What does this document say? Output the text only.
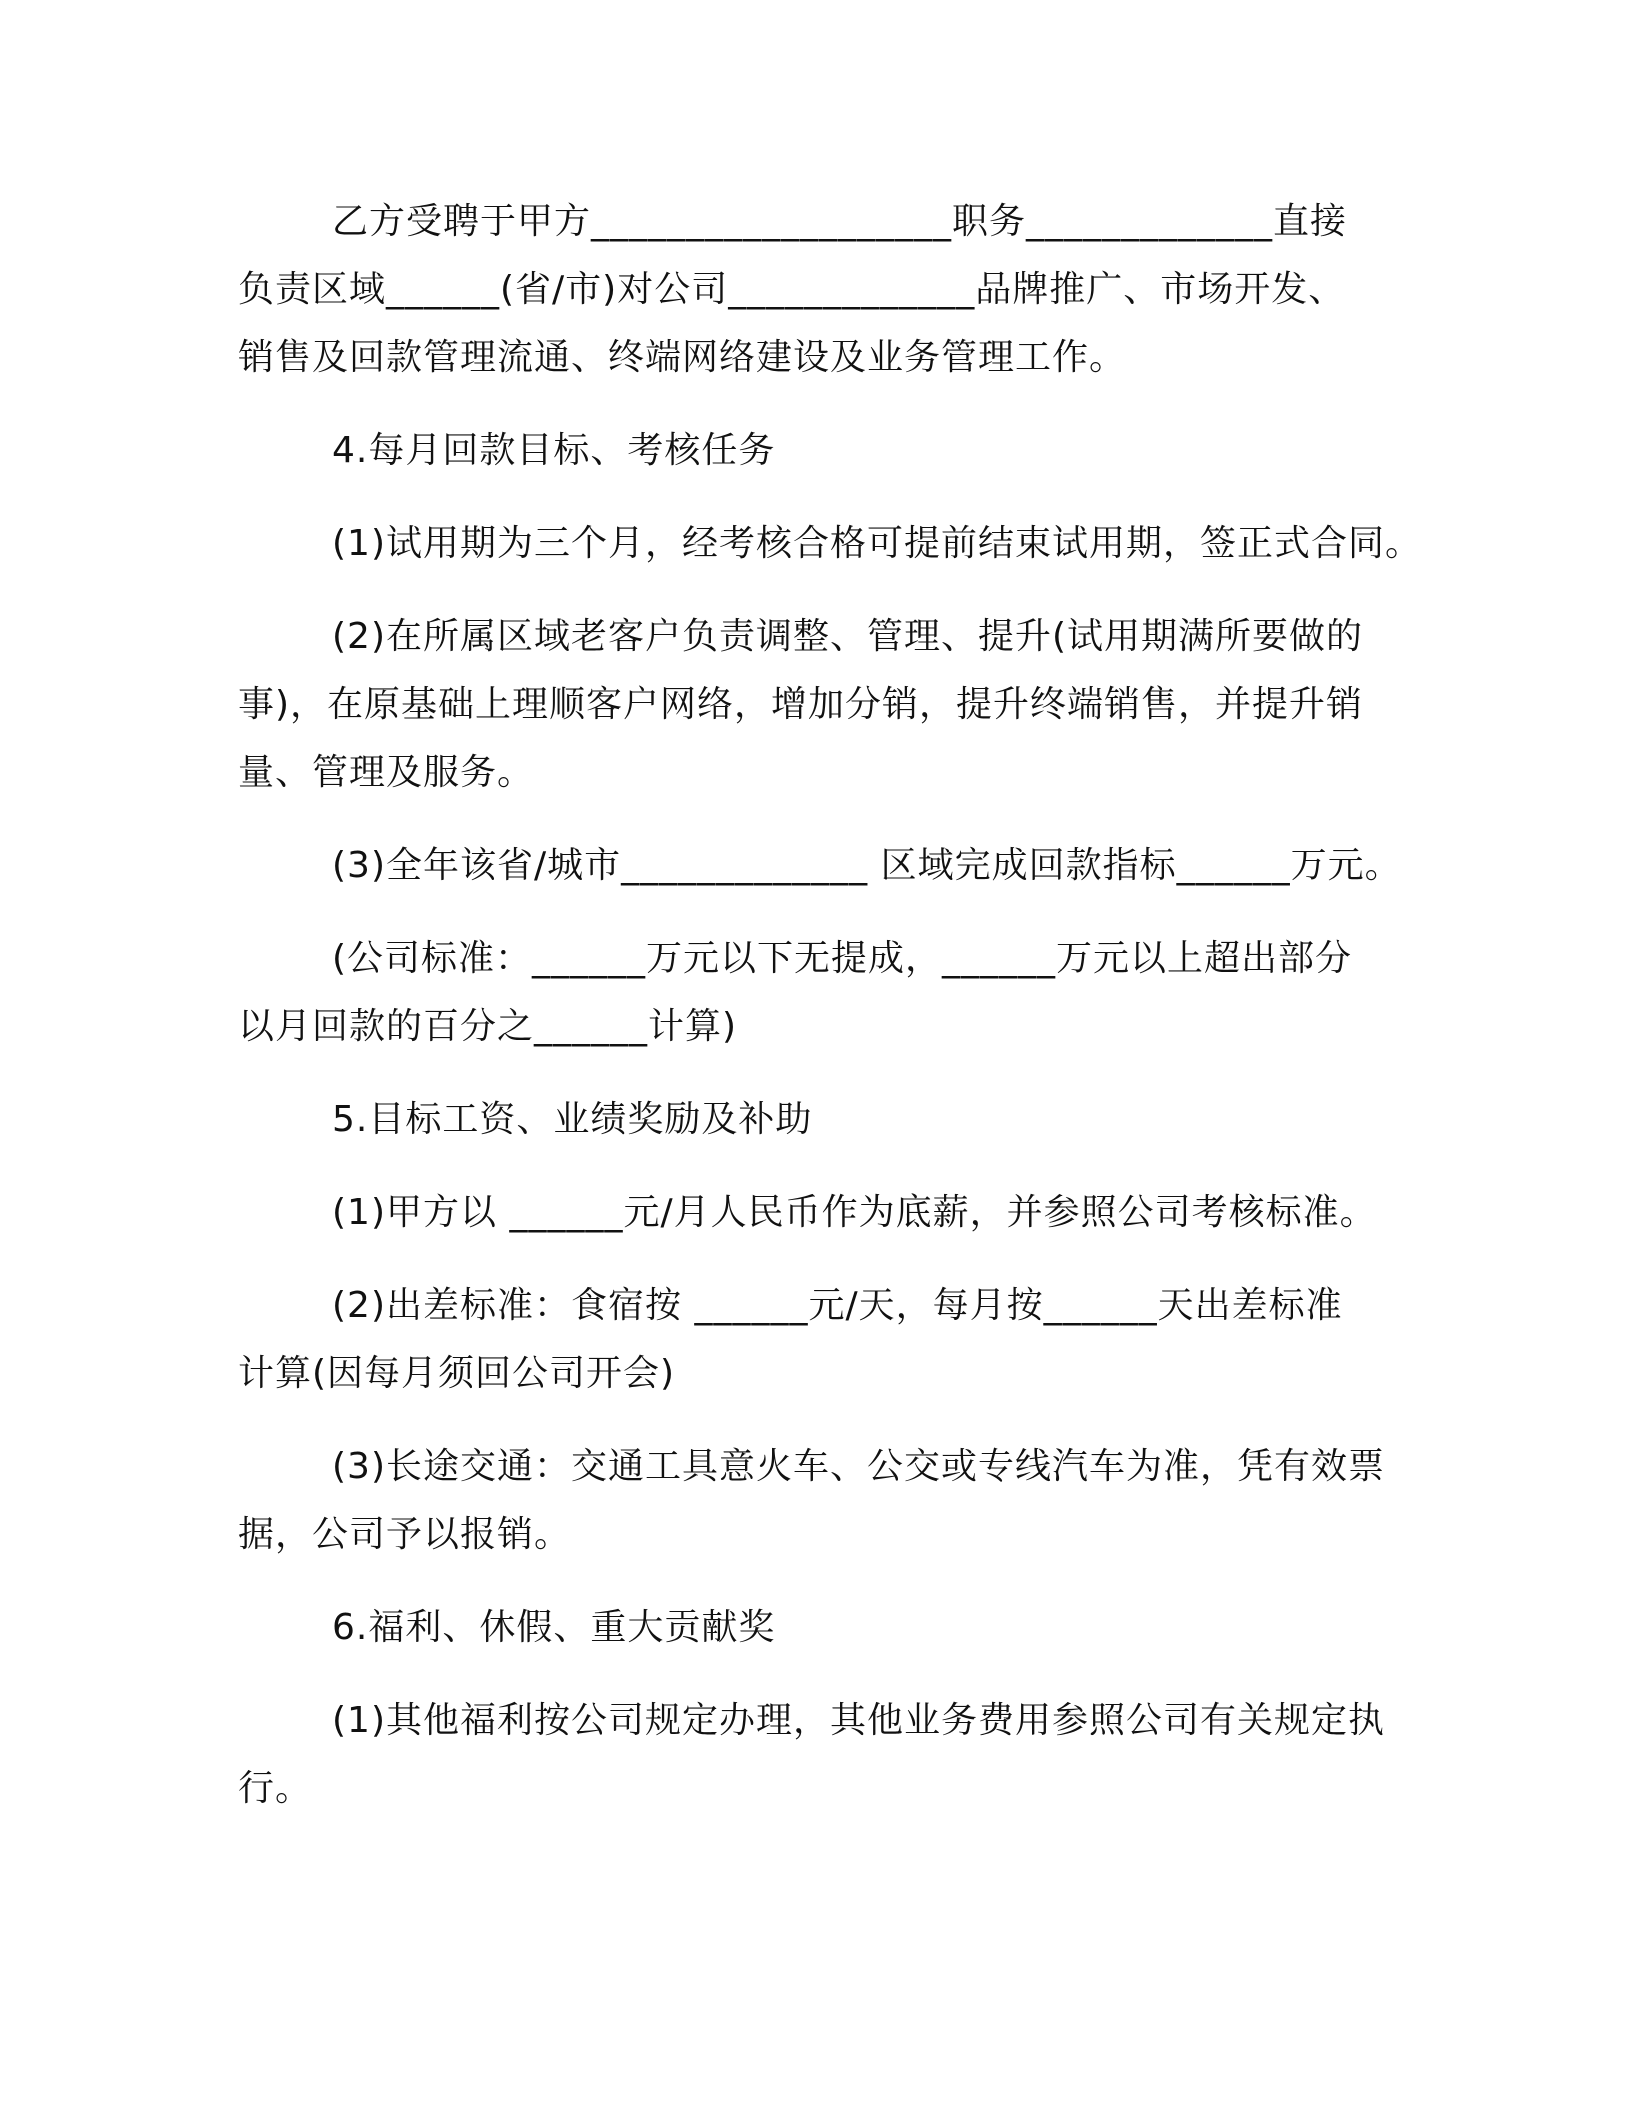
乙方受聘于甲方___________________职务_____________直接
负责区域______(省/市)对公司_____________品牌推广、市场开发、
销售及回款管理流通、终端网络建设及业务管理工作。
4.每月回款目标、考核任务
(1)试用期为三个月，经考核合格可提前结束试用期，签正式合同。
(2)在所属区域老客户负责调整、管理、提升(试用期满所要做的
事)，在原基础上理顺客户网络，增加分销，提升终端销售，并提升销
量、管理及服务。
(3)全年该省/城市_____________ 区域完成回款指标______万元。
(公司标准：______万元以下无提成，______万元以上超出部分
以月回款的百分之______计算)
5.目标工资、业绩奖励及补助
(1)甲方以 ______元/月人民币作为底薪，并参照公司考核标准。
(2)出差标准：食宿按 ______元/天，每月按______天出差标准
计算(因每月须回公司开会)
(3)长途交通：交通工具意火车、公交或专线汽车为准，凭有效票
据，公司予以报销。
6.福利、休假、重大贡献奖
(1)其他福利按公司规定办理，其他业务费用参照公司有关规定执
行。
